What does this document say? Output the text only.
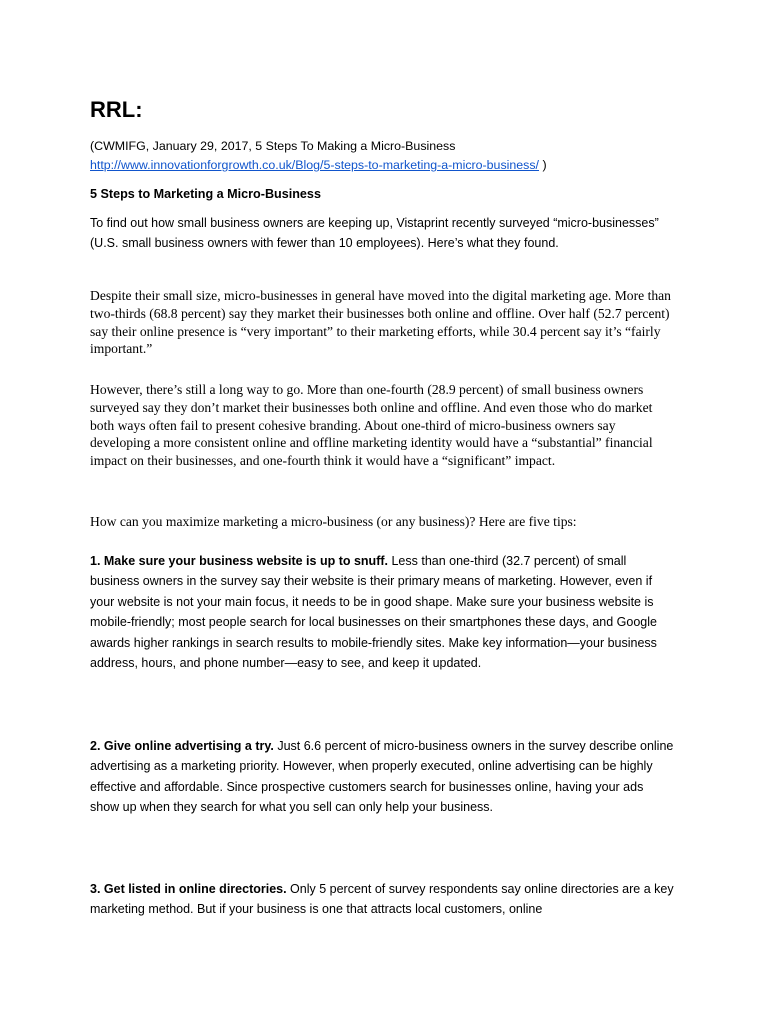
RRL:

(CWMIFG, January 29, 2017, 5 Steps To Making a Micro-Business
http://www.innovationforgrowth.co.uk/Blog/5-steps-to-marketing-a-micro-business/ )

5 Steps to Marketing a Micro-Business

To find out how small business owners are keeping up, Vistaprint recently surveyed “micro-businesses” (U.S. small business owners with fewer than 10 employees). Here’s what they found.

Despite their small size, micro-businesses in general have moved into the digital marketing age. More than two-thirds (68.8 percent) say they market their businesses both online and offline. Over half (52.7 percent) say their online presence is “very important” to their marketing efforts, while 30.4 percent say it’s “fairly important.”

However, there’s still a long way to go. More than one-fourth (28.9 percent) of small business owners surveyed say they don’t market their businesses both online and offline. And even those who do market both ways often fail to present cohesive branding. About one-third of micro-business owners say developing a more consistent online and offline marketing identity would have a “substantial” financial impact on their businesses, and one-fourth think it would have a “significant” impact.

How can you maximize marketing a micro-business (or any business)? Here are five tips:

1. Make sure your business website is up to snuff. Less than one-third (32.7 percent) of small business owners in the survey say their website is their primary means of marketing. However, even if your website is not your main focus, it needs to be in good shape. Make sure your business website is mobile-friendly; most people search for local businesses on their smartphones these days, and Google awards higher rankings in search results to mobile-friendly sites. Make key information—your business address, hours, and phone number—easy to see, and keep it updated.

2. Give online advertising a try. Just 6.6 percent of micro-business owners in the survey describe online advertising as a marketing priority. However, when properly executed, online advertising can be highly effective and affordable. Since prospective customers search for businesses online, having your ads show up when they search for what you sell can only help your business.

3. Get listed in online directories. Only 5 percent of survey respondents say online directories are a key marketing method. But if your business is one that attracts local customers, online
